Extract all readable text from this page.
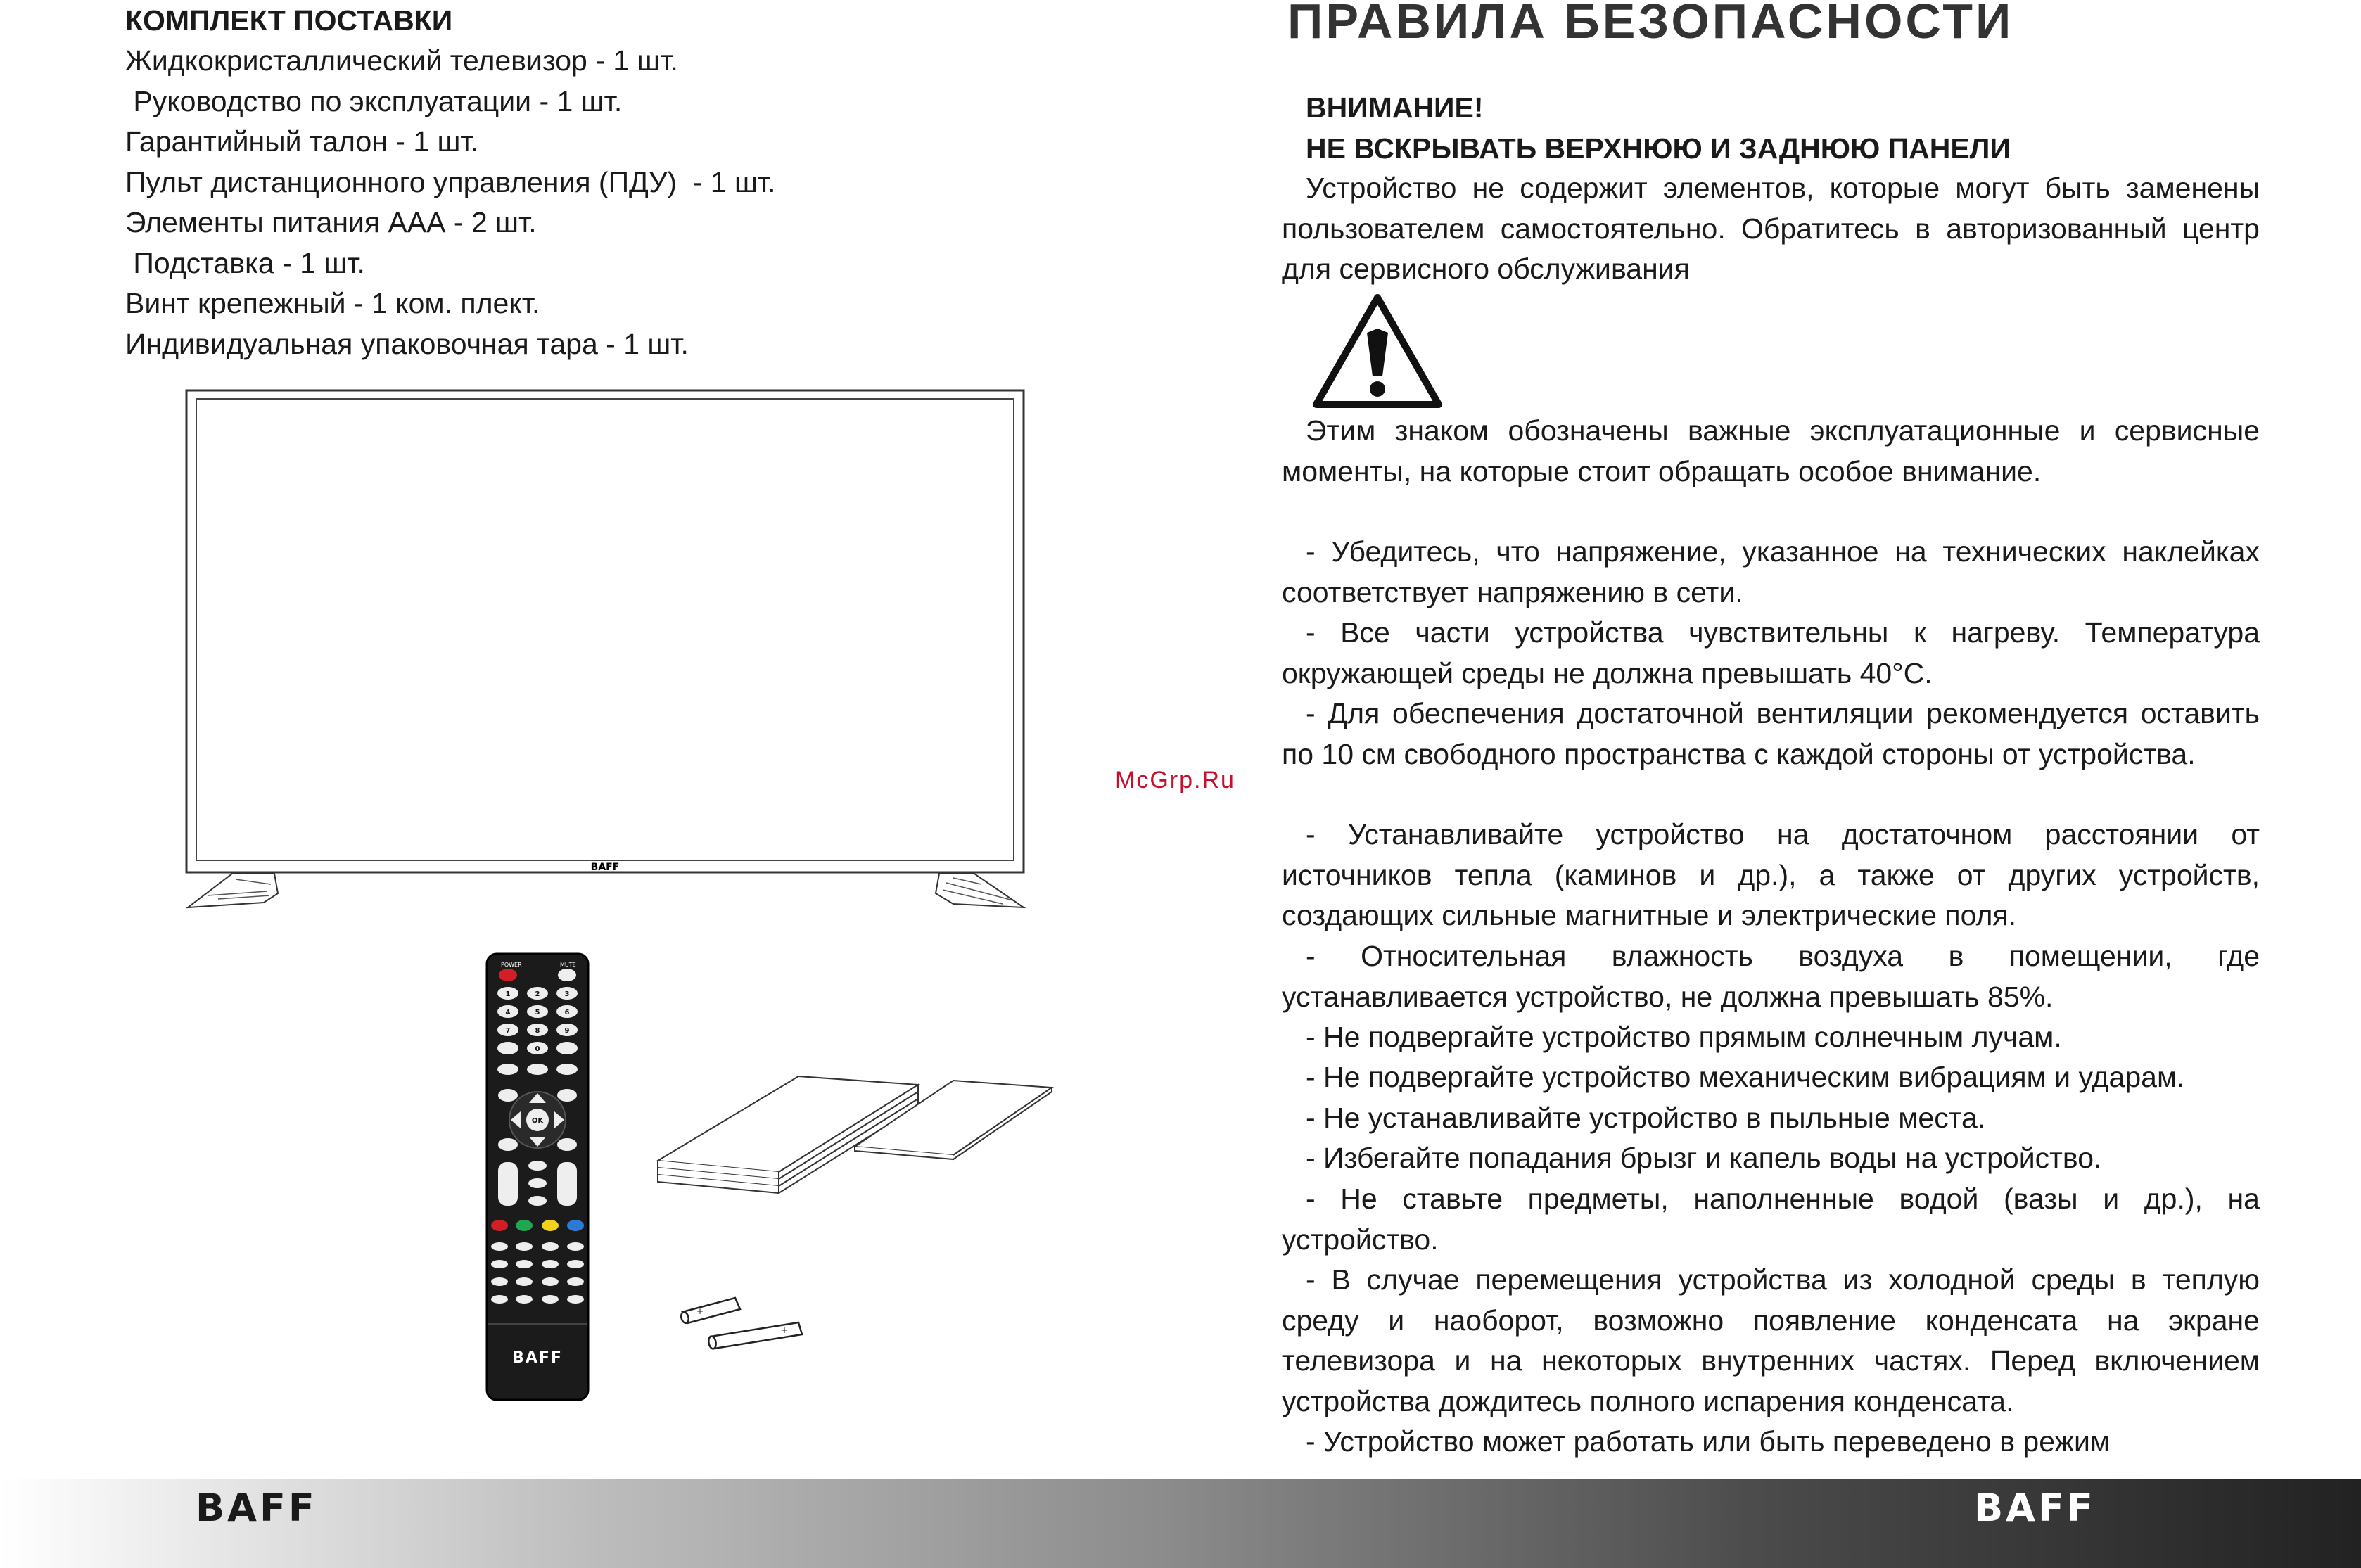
КОМПЛЕКТ ПОСТАВКИ
Жидкокристаллический телевизор - 1 шт.
Руководство по эксплуатации - 1 шт.
Гарантийный талон - 1 шт.
Пульт дистанционного управления (ПДУ)  - 1 шт.
Элементы питания ААА - 2 шт.
Подставка - 1 шт.
Винт крепежный - 1 ком. плект.
Индивидуальная упаковочная тара - 1 шт.
BAFF
POWER	MUTE
1	2	3
4	5	6
7	8	9
0
OK
BAFF
+
+
ПРАВИЛА БЕЗОПАСНОСТИ
ВНИМАНИЕ!
НЕ ВСКРЫВАТЬ ВЕРХНЮЮ И ЗАДНЮЮ ПАНЕЛИ
Устройство не содержит элементов, которые могут быть заменены пользователем самостоятельно. Обратитесь в авторизованный центр для сервисного обслуживания
Этим знаком обозначены важные эксплуатационные и сервисные моменты, на которые стоит обращать особое внимание.
- Убедитесь, что напряжение, указанное на технических наклейках соответствует напряжению в сети.
- Все части устройства чувствительны к нагреву. Температура окружающей среды не должна превышать 40°С.
- Для обеспечения достаточной вентиляции рекомендуется оставить по 10 см свободного пространства с каждой стороны от устройства.
- Устанавливайте устройство на достаточном расстоянии от источников тепла (каминов и др.), а также от других устройств, создающих сильные магнитные и электрические поля.
- Относительная влажность воздуха в помещении, где устанавливается устройство, не должна превышать 85%.
- Не подвергайте устройство прямым солнечным лучам.
- Не подвергайте устройство механическим вибрациям и ударам.
- Не устанавливайте устройство в пыльные места.
- Избегайте попадания брызг и капель воды на устройство.
- Не ставьте предметы, наполненные водой (вазы и др.), на устройство.
- В случае перемещения устройства из холодной среды в теплую среду и наоборот, возможно появление конденсата на экране телевизора и на некоторых внутренних частях. Перед включением устройства дождитесь полного испарения конденсата.
- Устройство может работать или быть переведено в режим
McGrp.Ru
BAFF	BAFF
